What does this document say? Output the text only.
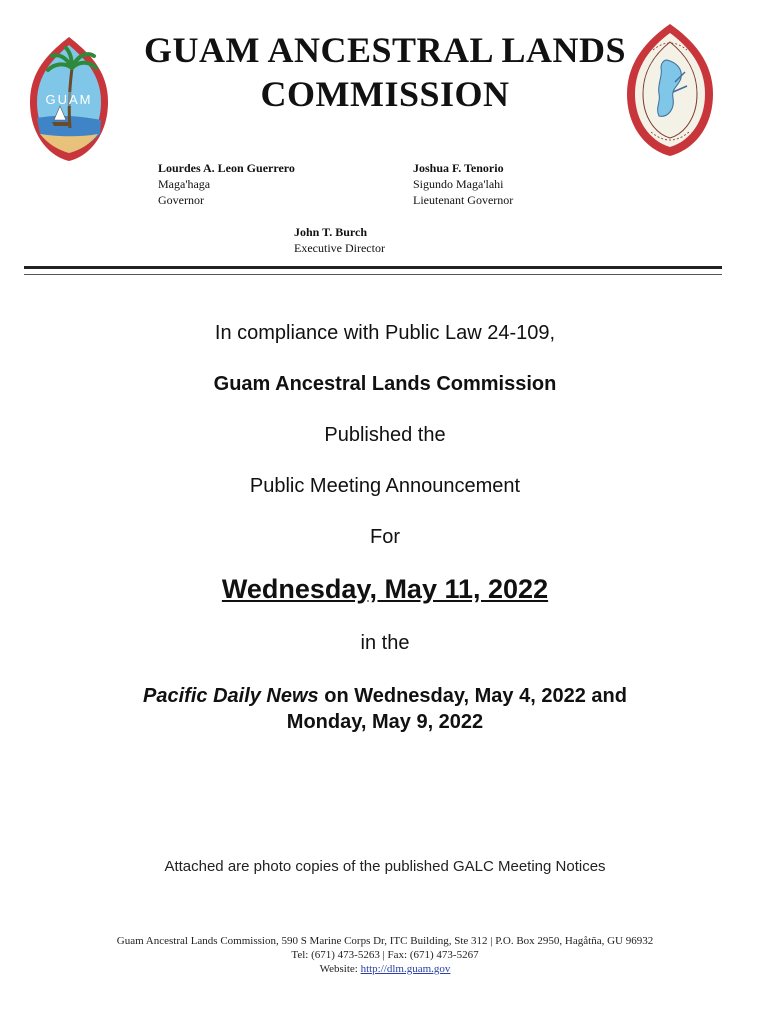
GUAM
GUAM ANCESTRAL LANDS
COMMISSION
Lourdes A. Leon Guerrero
Maga'haga
Governor
Joshua F. Tenorio
Sigundo Maga'lahi
Lieutenant Governor
John T. Burch
Executive Director
In compliance with Public Law 24-109,
Guam Ancestral Lands Commission
Published the
Public Meeting Announcement
For
Wednesday, May 11, 2022
in the
Pacific Daily News on Wednesday, May 4, 2022 and
Monday, May 9, 2022
Attached are photo copies of the published GALC Meeting Notices
Guam Ancestral Lands Commission, 590 S Marine Corps Dr, ITC Building, Ste 312 | P.O. Box 2950, Hagåtña, GU 96932
Tel: (671) 473-5263 | Fax: (671) 473-5267
Website: http://dlm.guam.gov
